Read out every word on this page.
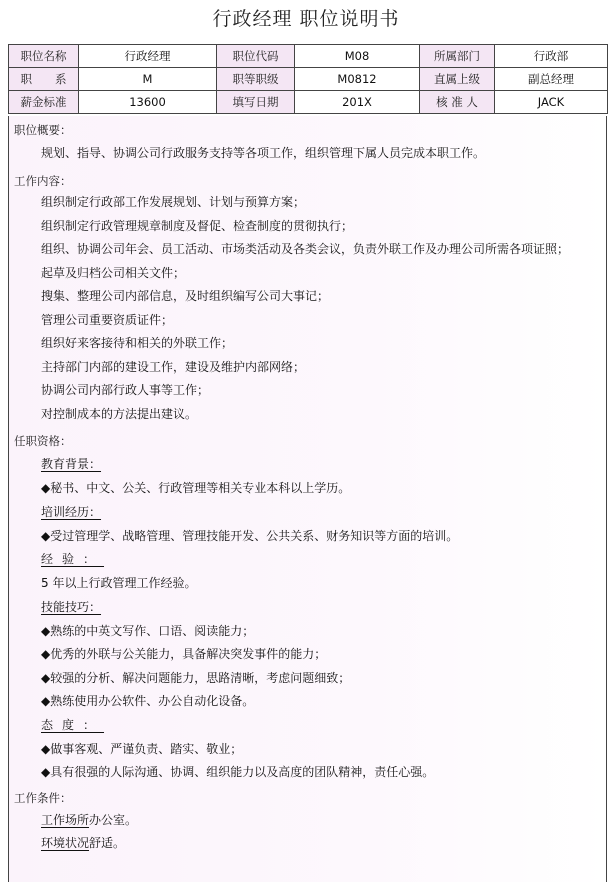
行政经理 职位说明书
职位名称	行政经理	职位代码	M08	所属部门	行政部
职　　系	M	职等职级	M0812	直属上级	副总经理
薪金标准	13600	填写日期	201X	核 准 人	JACK
职位概要：
规划、指导、协调公司行政服务支持等各项工作，组织管理下属人员完成本职工作。
工作内容：
组织制定行政部工作发展规划、计划与预算方案；
组织制定行政管理规章制度及督促、检查制度的贯彻执行；
组织、协调公司年会、员工活动、市场类活动及各类会议，负责外联工作及办理公司所需各项证照；
起草及归档公司相关文件；
搜集、整理公司内部信息，及时组织编写公司大事记；
管理公司重要资质证件；
组织好来客接待和相关的外联工作；
主持部门内部的建设工作，建设及维护内部网络；
协调公司内部行政人事等工作；
对控制成本的方法提出建议。
任职资格：
教育背景：
◆秘书、中文、公关、行政管理等相关专业本科以上学历。
培训经历：
◆受过管理学、战略管理、管理技能开发、公共关系、财务知识等方面的培训。
经验：
5 年以上行政管理工作经验。
技能技巧：
◆熟练的中英文写作、口语、阅读能力；
◆优秀的外联与公关能力，具备解决突发事件的能力；
◆较强的分析、解决问题能力，思路清晰，考虑问题细致；
◆熟练使用办公软件、办公自动化设备。
态度：
◆做事客观、严谨负责、踏实、敬业；
◆具有很强的人际沟通、协调、组织能力以及高度的团队精神，责任心强。
工作条件：
工作场所办公室。
环境状况舒适。
